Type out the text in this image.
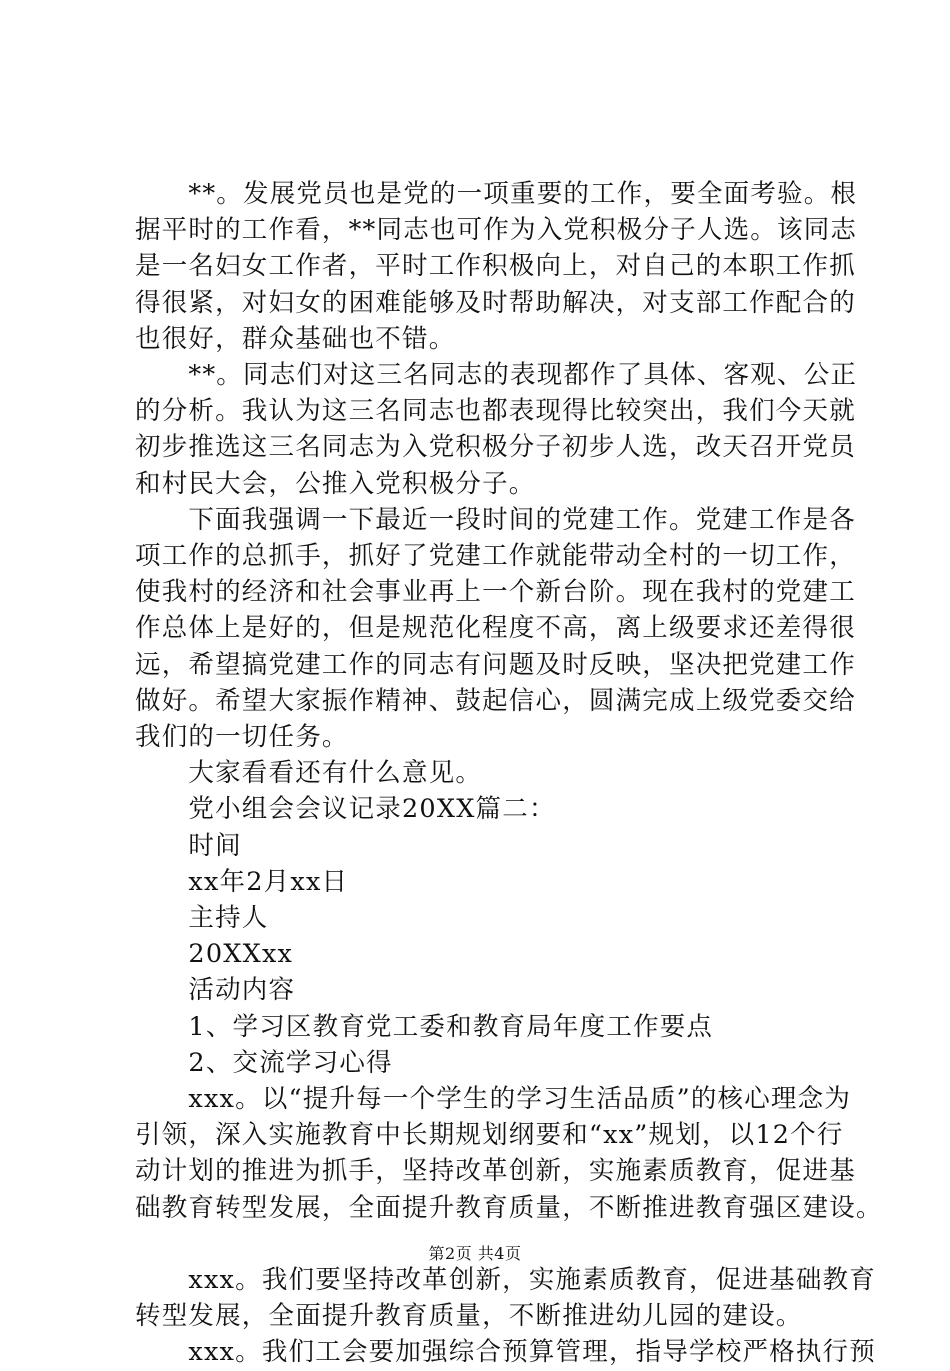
　　**。发展党员也是党的一项重要的工作，要全面考验。根

据平时的工作看，**同志也可作为入党积极分子人选。该同志

是一名妇女工作者，平时工作积极向上，对自己的本职工作抓

得很紧，对妇女的困难能够及时帮助解决，对支部工作配合的

也很好，群众基础也不错。

　　**。同志们对这三名同志的表现都作了具体、客观、公正

的分析。我认为这三名同志也都表现得比较突出，我们今天就

初步推选这三名同志为入党积极分子初步人选，改天召开党员

和村民大会，公推入党积极分子。

　　下面我强调一下最近一段时间的党建工作。党建工作是各

项工作的总抓手，抓好了党建工作就能带动全村的一切工作，

使我村的经济和社会事业再上一个新台阶。现在我村的党建工

作总体上是好的，但是规范化程度不高，离上级要求还差得很

远，希望搞党建工作的同志有问题及时反映，坚决把党建工作

做好。希望大家振作精神、鼓起信心，圆满完成上级党委交给

我们的一切任务。

　　大家看看还有什么意见。

　　党小组会会议记录20XX篇二：

　　时间

　　xx年2月xx日

　　主持人

　　20XXxx

　　活动内容

　　1、学习区教育党工委和教育局年度工作要点

　　2、交流学习心得

　　xxx。以“提升每一个学生的学习生活品质”的核心理念为

引领，深入实施教育中长期规划纲要和“xx”规划，以12个行

动计划的推进为抓手，坚持改革创新，实施素质教育，促进基

础教育转型发展，全面提升教育质量，不断推进教育强区建设。

　　xxx。我们要坚持改革创新，实施素质教育，促进基础教育

转型发展，全面提升教育质量，不断推进幼儿园的建设。

　　xxx。我们工会要加强综合预算管理，指导学校严格执行预

第2页 共4页
